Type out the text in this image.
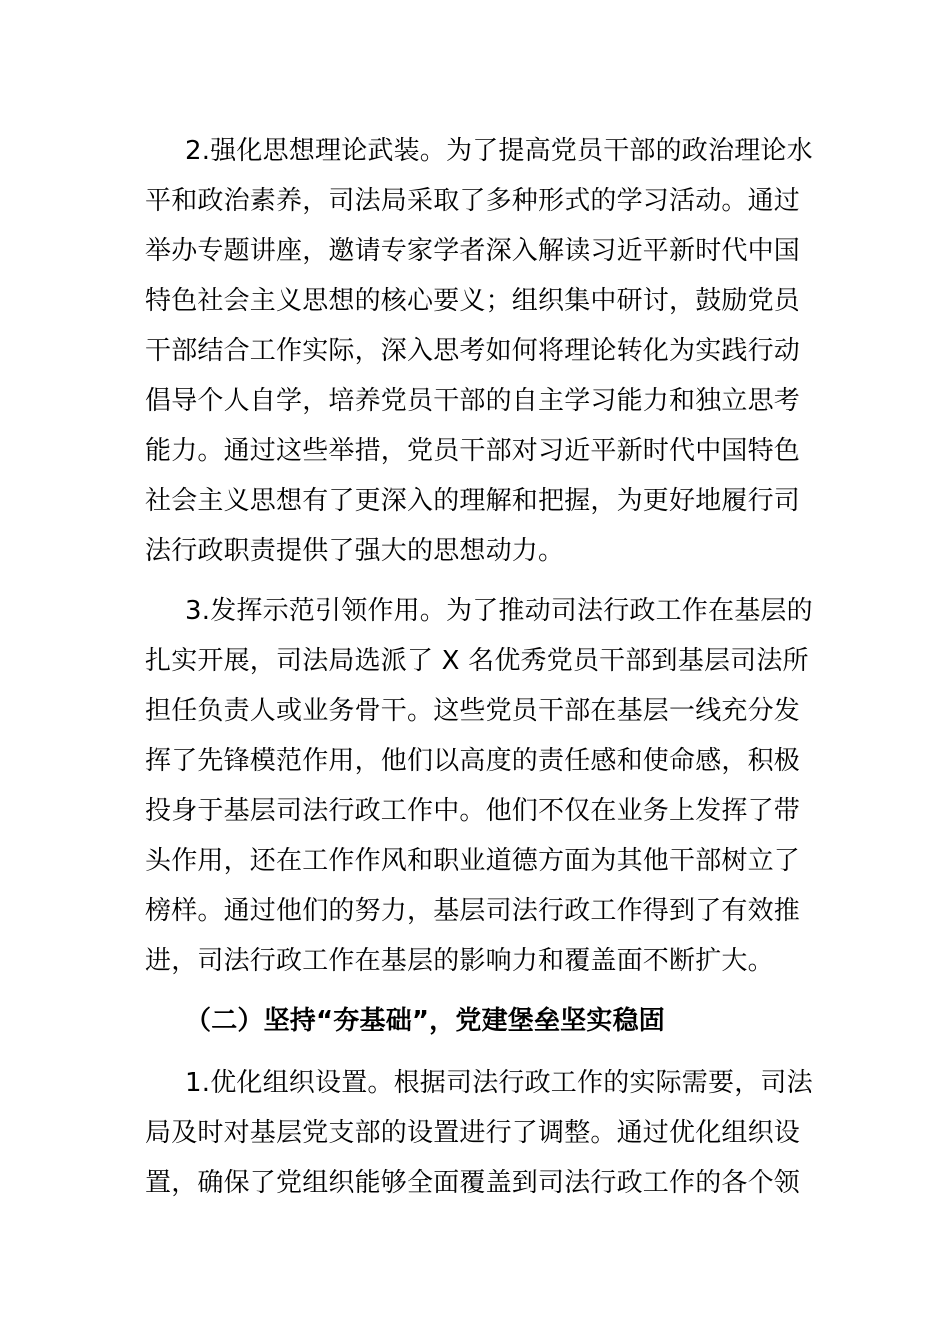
2.强化思想理论武装。为了提高党员干部的政治理论水
平和政治素养，司法局采取了多种形式的学习活动。通过
举办专题讲座，邀请专家学者深入解读习近平新时代中国
特色社会主义思想的核心要义；组织集中研讨，鼓励党员
干部结合工作实际，深入思考如何将理论转化为实践行动
倡导个人自学，培养党员干部的自主学习能力和独立思考
能力。通过这些举措，党员干部对习近平新时代中国特色
社会主义思想有了更深入的理解和把握，为更好地履行司
法行政职责提供了强大的思想动力。
3.发挥示范引领作用。为了推动司法行政工作在基层的
扎实开展，司法局选派了 X 名优秀党员干部到基层司法所
担任负责人或业务骨干。这些党员干部在基层一线充分发
挥了先锋模范作用，他们以高度的责任感和使命感，积极
投身于基层司法行政工作中。他们不仅在业务上发挥了带
头作用，还在工作作风和职业道德方面为其他干部树立了
榜样。通过他们的努力，基层司法行政工作得到了有效推
进，司法行政工作在基层的影响力和覆盖面不断扩大。
（二）坚持“夯基础”，党建堡垒坚实稳固
1.优化组织设置。根据司法行政工作的实际需要，司法
局及时对基层党支部的设置进行了调整。通过优化组织设
置，确保了党组织能够全面覆盖到司法行政工作的各个领
